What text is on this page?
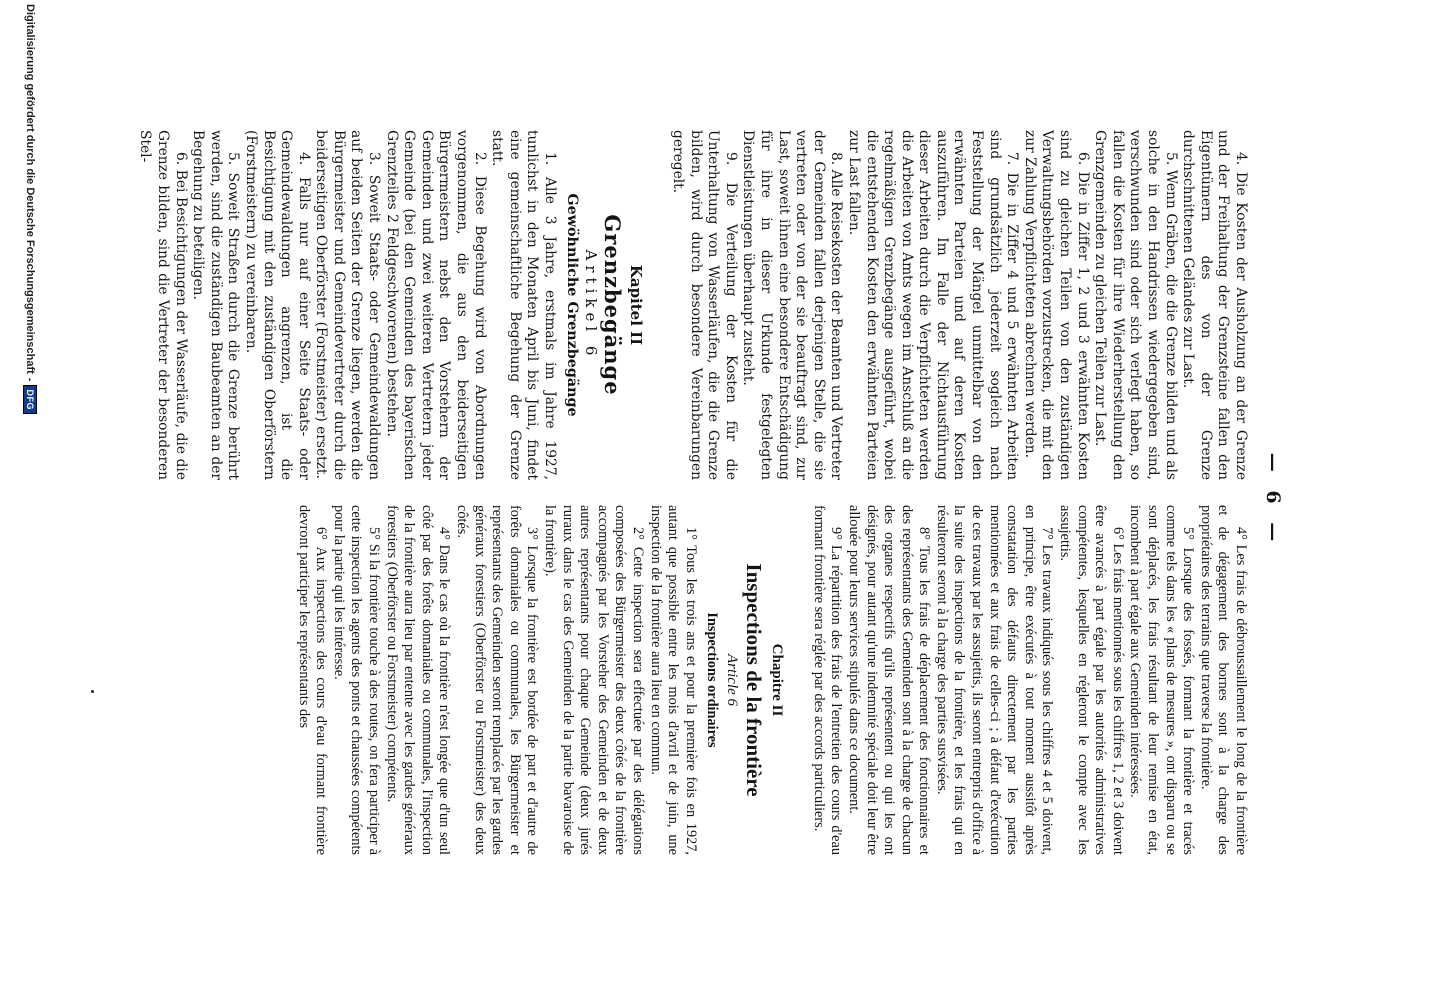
— 6 —

4. Die Kosten der Ausholzung an der Grenze und der Freihaltung der Grenzsteine fallen den Eigentümern des von der Grenze durchschnittenen Geländes zur Last.

5. Wenn Gräben, die die Grenze bilden und als solche in den Handrissen wiedergegeben sind, verschwunden sind oder sich verlegt haben, so fallen die Kosten für ihre Wiederherstellung den Grenzgemeinden zu gleichen Teilen zur Last.

6. Die in Ziffer 1, 2 und 3 erwähnten Kosten sind zu gleichen Teilen von den zuständigen Verwaltungsbehörden vorzustrecken, die mit den zur Zahlung Verpflichteten abrechnen werden.

7. Die in Ziffer 4 und 5 erwähnten Arbeiten sind grundsätzlich jederzeit sogleich nach Feststellung der Mängel unmittelbar von den erwähnten Parteien und auf deren Kosten auszuführen. Im Falle der Nichtausführung dieser Arbeiten durch die Verpflichteten werden die Arbeiten von Amts wegen im Anschluß an die regelmäßigen Grenzbegänge ausgeführt, wobei die entstehenden Kosten den erwähnten Parteien zur Last fallen.

8. Alle Reisekosten der Beamten und Vertreter der Gemeinden fallen derjenigen Stelle, die sie vertreten oder von der sie beauftragt sind, zur Last, soweit ihnen eine besondere Entschädigung für ihre in dieser Urkunde festgelegten Dienstleistungen überhaupt zusteht.

9. Die Verteilung der Kosten für die Unterhaltung von Wasserläufen, die die Grenze bilden, wird durch besondere Vereinbarungen geregelt.

Kapitel II
Grenzbegänge
Artikel 6
Gewöhnliche Grenzbegänge

1. Alle 3 Jahre, erstmals im Jahre 1927, tunlichst in den Monaten April bis Juni, findet eine gemeinschaftliche Begehung der Grenze statt.

2. Diese Begehung wird von Abordnungen vorgenommen, die aus den beiderseitigen Bürgermeistern nebst den Vorstehern der Gemeinden und zwei weiteren Vertretern jeder Gemeinde (bei den Gemeinden des bayerischen Grenzteiles 2 Feldgeschworenen) bestehen.

3. Soweit Staats- oder Gemeindewaldungen auf beiden Seiten der Grenze liegen, werden die Bürgermeister und Gemeindevertreter durch die beiderseitigen Oberförster (Forstmeister) ersetzt.

4. Falls nur auf einer Seite Staats- oder Gemeindewaldungen angrenzen, ist die Besichtigung mit den zuständigen Oberförstern (Forstmeistern) zu vereinbaren.

5. Soweit Straßen durch die Grenze berührt werden, sind die zuständigen Baubeamten an der Begehung zu beteiligen.

6. Bei Besichtigungen der Wasserläufe, die die Grenze bilden, sind die Vertreter der besonderen Stel-

4° Les frais de débroussaillement le long de la frontière et de dégagement des bornes sont à la charge des propriétaires des terrains que traverse la frontière.

5° Lorsque des fossés, formant la frontière et tracés comme tels dans les « plans de mesures », ont disparu ou se sont déplacés, les frais résultant de leur remise en état, incombent à part égale aux Gemeinden intéressées.

6° Les frais mentionnés sous les chiffres 1, 2 et 3 doivent être avancés à part égale par les autorités administratives compétentes, lesquelles en régleront le compte avec les assujettis.

7° Les travaux indiqués sous les chiffres 4 et 5 doivent, en principe, être exécutés à tout moment aussitôt après constatation des défauts directement par les parties mentionnées et aux frais de celles-ci ; à défaut d'exécution de ces travaux par les assujettis, ils seront entrepris d'office à la suite des inspections de la frontière, et les frais qui en résulteront seront à la charge des parties susvisées.

8° Tous les frais de déplacement des fonctionnaires et des représentants des Gemeinden sont à la charge de chacun des organes respectifs qu'ils représentent ou qui les ont désignés, pour autant qu'une indemnité spéciale doit leur être allouée pour leurs services stipulés dans ce document.

9° La répartition des frais de l'entretien des cours d'eau formant frontière sera réglée par des accords particuliers.

Chapitre II
Inspections de la frontière
Article 6
Inspections ordinaires

1° Tous les trois ans et pour la première fois en 1927, autant que possible entre les mois d'avril et de juin, une inspection de la frontière aura lieu en commun.

2° Cette inspection sera effectuée par des délégations composées des Bürgermeister des deux côtés de la frontière accompagnés par les Vorsteher des Gemeinden et de deux autres représentants pour chaque Gemeinde (deux jurés ruraux dans le cas des Gemeinden de la partie bavaroise de la frontière).

3° Lorsque la frontière est bordée de part et d'autre de forêts domaniales ou communales, les Bürgermeister et représentants des Gemeinden seront remplacés par les gardes généraux forestiers (Oberförster ou Forstmeister) des deux côtés.

4° Dans le cas où la frontière n'est longée que d'un seul côté par des forêts domaniales ou communales, l'inspection de la frontière aura lieu par entente avec les gardes généraux forestiers (Oberförster ou Forstmeister) compétents.

5° Si la frontière touche à des routes, on fera participer à cette inspection les agents des ponts et chaussées compétents pour la partie qui les intéresse.

6° Aux inspections des cours d'eau formant frontière devront participer les représentants des

Digitalisierung gefördert durch die Deutsche Forschungsgemeinschaft
-
DFG
